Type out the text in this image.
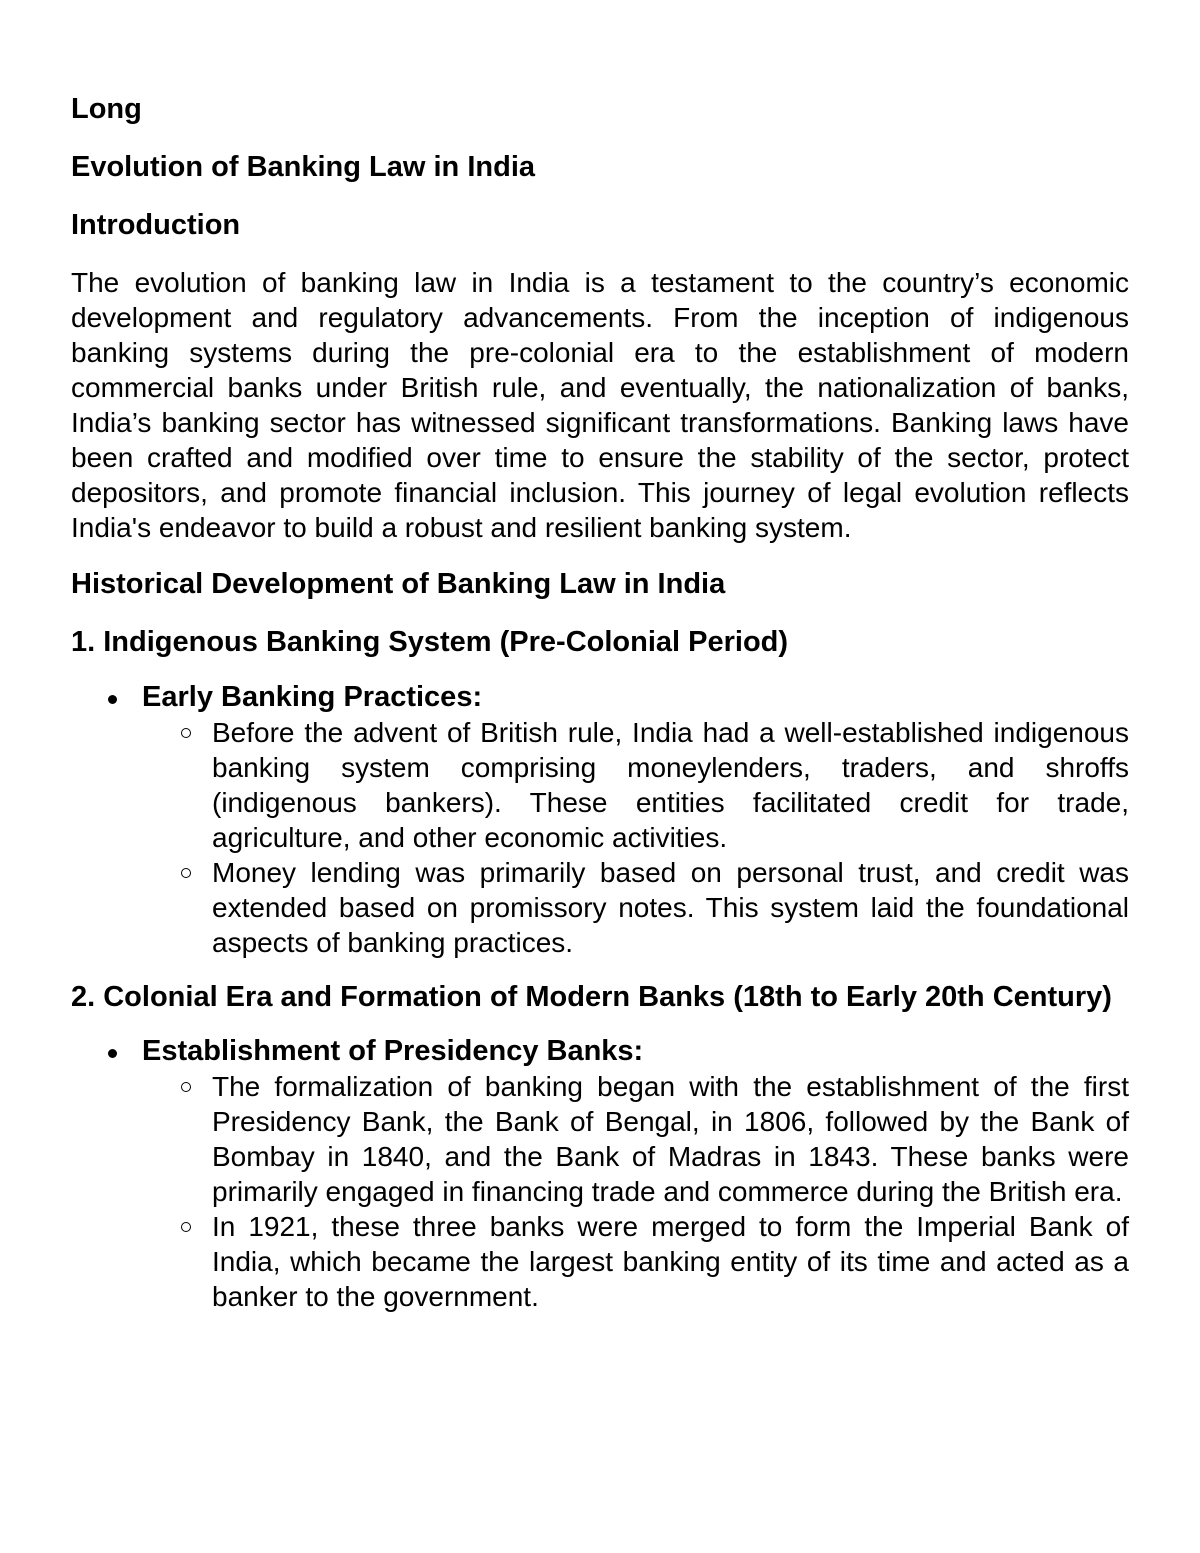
Long
Evolution of Banking Law in India
Introduction

The evolution of banking law in India is a testament to the country’s economic development and regulatory advancements. From the inception of indigenous banking systems during the pre-colonial era to the establishment of modern commercial banks under British rule, and eventually, the nationalization of banks, India’s banking sector has witnessed significant transformations. Banking laws have been crafted and modified over time to ensure the stability of the sector, protect depositors, and promote financial inclusion. This journey of legal evolution reflects India's endeavor to build a robust and resilient banking system.

Historical Development of Banking Law in India
1. Indigenous Banking System (Pre-Colonial Period)
Early Banking Practices:
Before the advent of British rule, India had a well-established indigenous banking system comprising moneylenders, traders, and shroffs (indigenous bankers). These entities facilitated credit for trade, agriculture, and other economic activities.
Money lending was primarily based on personal trust, and credit was extended based on promissory notes. This system laid the foundational aspects of banking practices.
2. Colonial Era and Formation of Modern Banks (18th to Early 20th Century)
Establishment of Presidency Banks:
The formalization of banking began with the establishment of the first Presidency Bank, the Bank of Bengal, in 1806, followed by the Bank of Bombay in 1840, and the Bank of Madras in 1843. These banks were primarily engaged in financing trade and commerce during the British era.
In 1921, these three banks were merged to form the Imperial Bank of India, which became the largest banking entity of its time and acted as a banker to the government.
